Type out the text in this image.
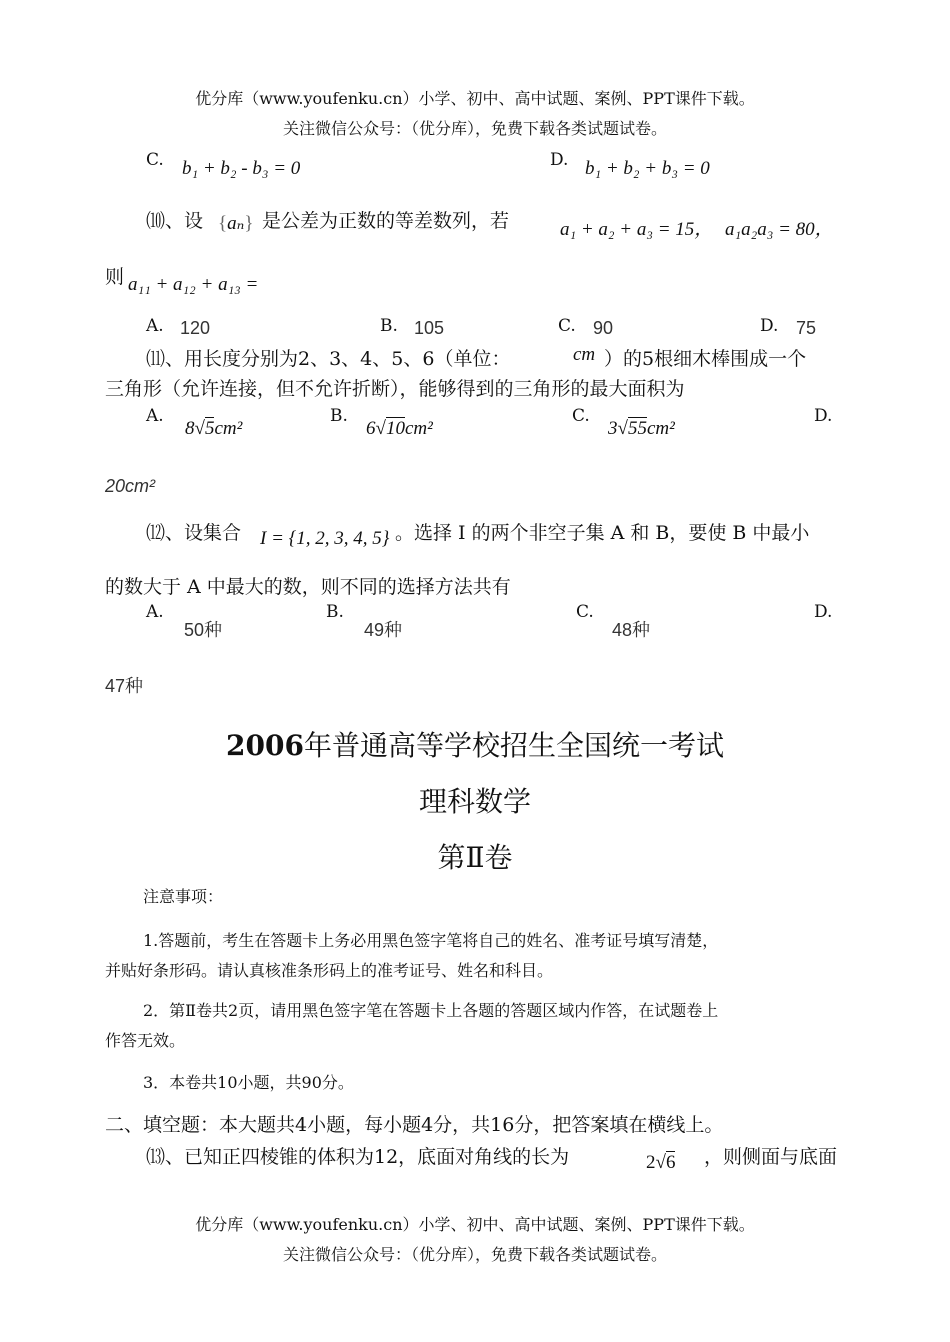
优分库（www.youfenku.cn）小学、初中、高中试题、案例、PPT课件下载。
关注微信公众号：（优分库），免费下载各类试题试卷。
C. b₁ + b₂ - b₃ = 0	D. b₁ + b₂ + b₃ = 0
⑽、设 {aₙ} 是公差为正数的等差数列，若	a₁ + a₂ + a₃ = 15， a₁a₂a₃ = 80，
则 a₁₁ + a₁₂ + a₁₃ =
A. 120	B. 105	C. 90	D. 75
⑾、用长度分别为2、3、4、5、6（单位：	cm ）的5根细木棒围成一个
三角形（允许连接，但不允许折断），能够得到的三角形的最大面积为
A.
8√5cm²
B.
6√10cm²
C.
3√55cm²
D.
20cm²
⑿、设集合 I = {1, 2, 3, 4, 5} 。选择 I 的两个非空子集 A 和 B，要使 B 中最小
的数大于 A 中最大的数，则不同的选择方法共有
A.
50种
B.
49种
C.
48种
D.
47种
2006年普通高等学校招生全国统一考试
理科数学
第Ⅱ卷
注意事项：
1.答题前，考生在答题卡上务必用黑色签字笔将自己的姓名、准考证号填写清楚，
并贴好条形码。请认真核准条形码上的准考证号、姓名和科目。
2．第Ⅱ卷共2页，请用黑色签字笔在答题卡上各题的答题区域内作答，在试题卷上
作答无效。
3．本卷共10小题，共90分。
二、填空题：本大题共4小题，每小题4分，共16分，把答案填在横线上。
⒀、已知正四棱锥的体积为12，底面对角线的长为	2√6 ，则侧面与底面
优分库（www.youfenku.cn）小学、初中、高中试题、案例、PPT课件下载。
关注微信公众号：（优分库），免费下载各类试题试卷。
